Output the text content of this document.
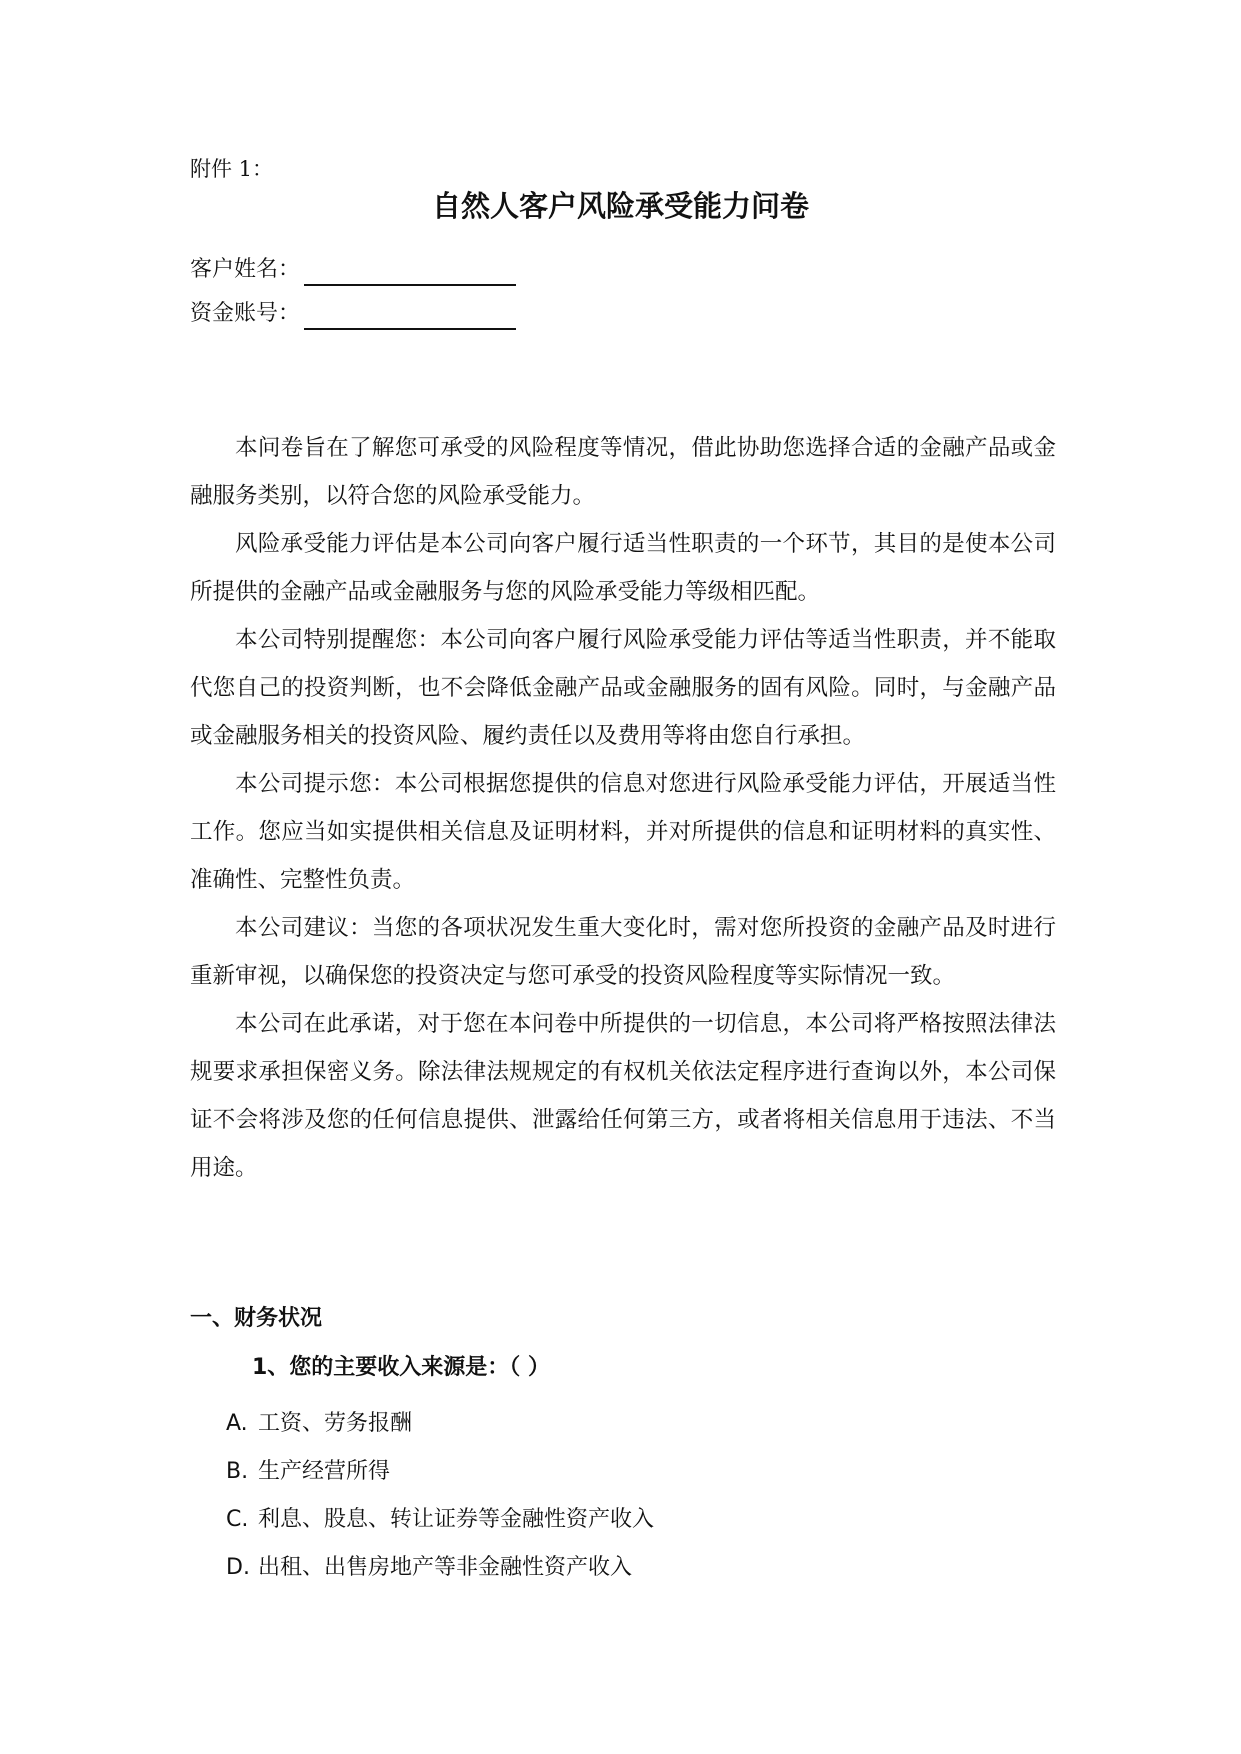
附件 1：
自然人客户风险承受能力问卷
客户姓名：
资金账号：

本问卷旨在了解您可承受的风险程度等情况，借此协助您选择合适的金融产品或金融服务类别，以符合您的风险承受能力。

风险承受能力评估是本公司向客户履行适当性职责的一个环节，其目的是使本公司所提供的金融产品或金融服务与您的风险承受能力等级相匹配。

本公司特别提醒您：本公司向客户履行风险承受能力评估等适当性职责，并不能取代您自己的投资判断，也不会降低金融产品或金融服务的固有风险。同时，与金融产品或金融服务相关的投资风险、履约责任以及费用等将由您自行承担。

本公司提示您：本公司根据您提供的信息对您进行风险承受能力评估，开展适当性工作。您应当如实提供相关信息及证明材料，并对所提供的信息和证明材料的真实性、准确性、完整性负责。

本公司建议：当您的各项状况发生重大变化时，需对您所投资的金融产品及时进行重新审视，以确保您的投资决定与您可承受的投资风险程度等实际情况一致。

本公司在此承诺，对于您在本问卷中所提供的一切信息，本公司将严格按照法律法规要求承担保密义务。除法律法规规定的有权机关依法定程序进行查询以外，本公司保证不会将涉及您的任何信息提供、泄露给任何第三方，或者将相关信息用于违法、不当用途。

一、财务状况
1、您的主要收入来源是：（ ）
A. 工资、劳务报酬
B. 生产经营所得
C. 利息、股息、转让证券等金融性资产收入
D. 出租、出售房地产等非金融性资产收入
